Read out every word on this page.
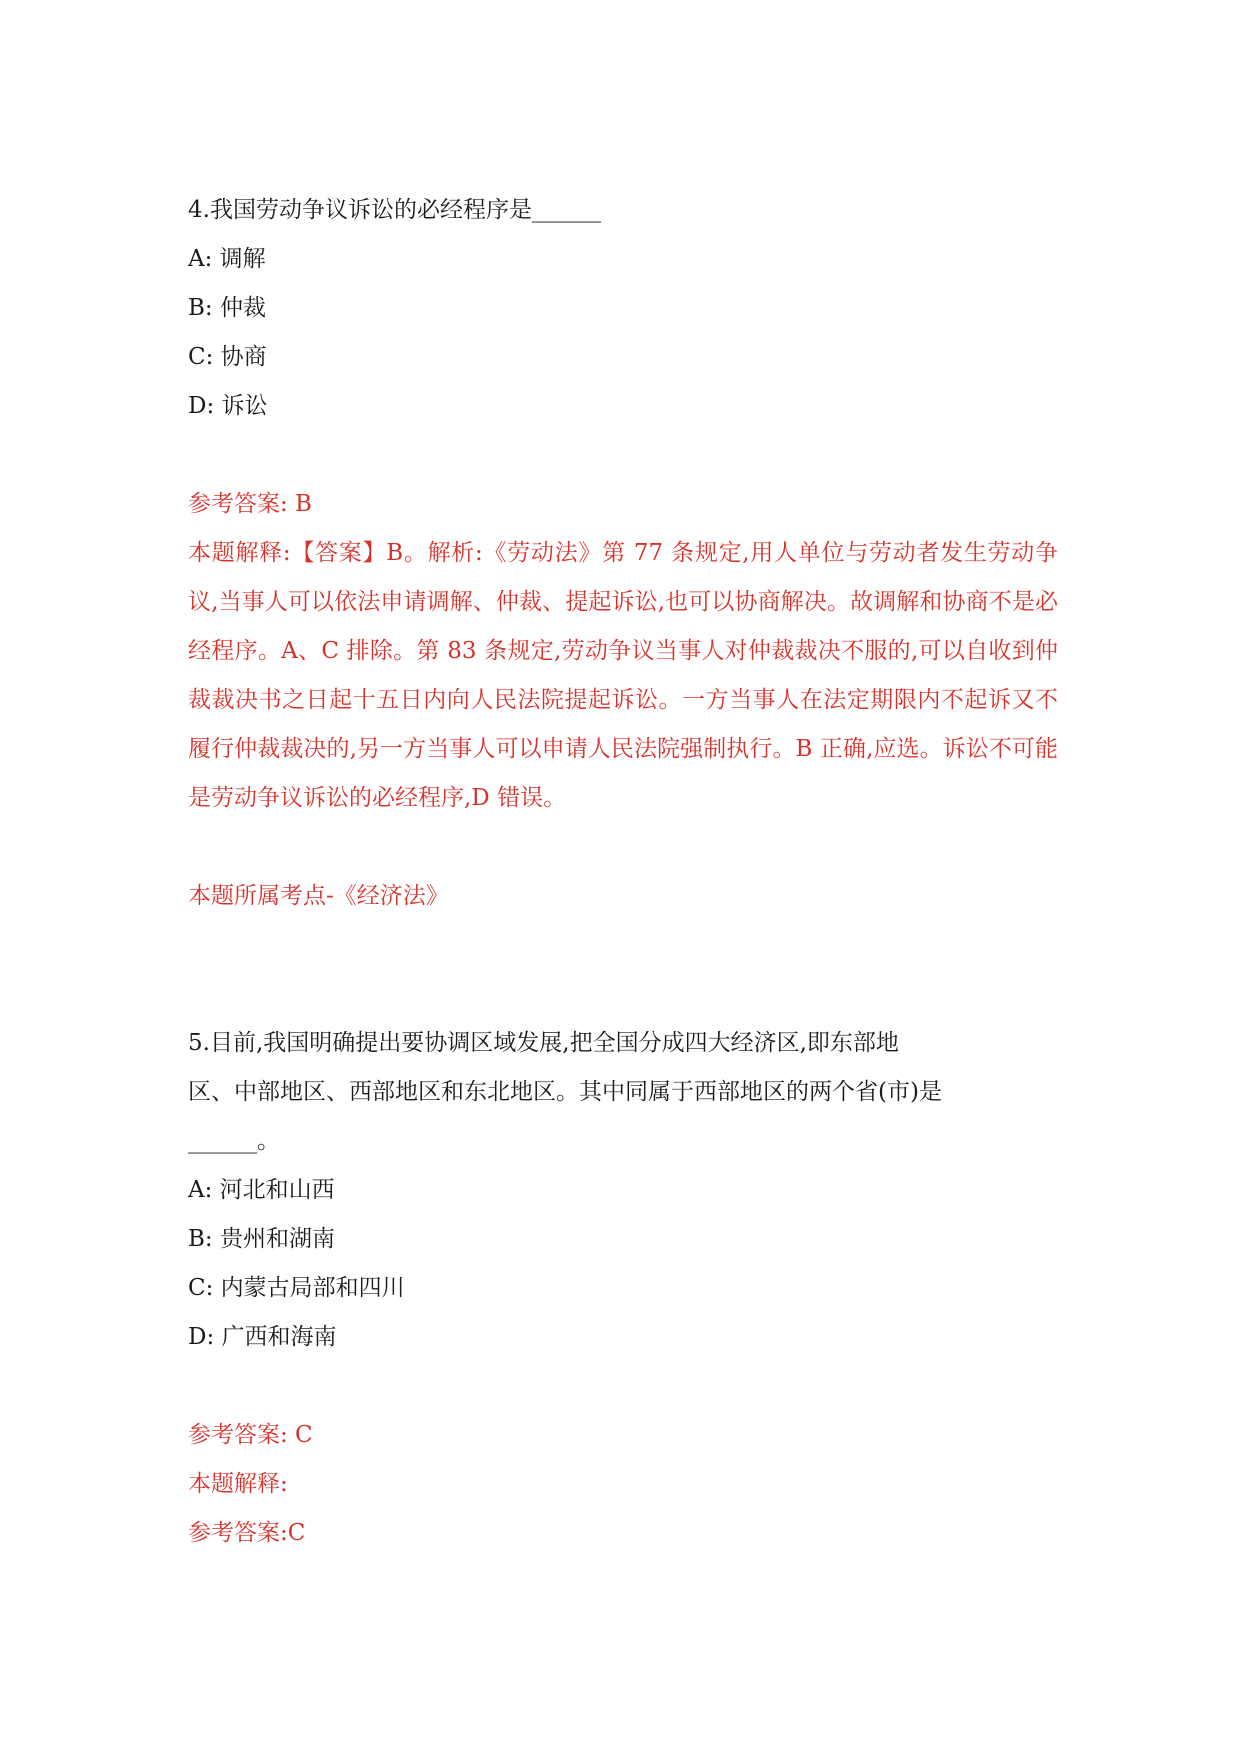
4.我国劳动争议诉讼的必经程序是______
A: 调解
B: 仲裁
C: 协商
D: 诉讼
参考答案: B
本题解释:【答案】B。解析:《劳动法》第 77 条规定,用人单位与劳动者发生劳动争议,当事人可以依法申请调解、仲裁、提起诉讼,也可以协商解决。故调解和协商不是必经程序。A、C 排除。第 83 条规定,劳动争议当事人对仲裁裁决不服的,可以自收到仲裁裁决书之日起十五日内向人民法院提起诉讼。一方当事人在法定期限内不起诉又不履行仲裁裁决的,另一方当事人可以申请人民法院强制执行。B 正确,应选。诉讼不可能是劳动争议诉讼的必经程序,D 错误。
本题所属考点-《经济法》
5.目前,我国明确提出要协调区域发展,把全国分成四大经济区,即东部地
区、中部地区、西部地区和东北地区。其中同属于西部地区的两个省(市)是
______。
A: 河北和山西
B: 贵州和湖南
C: 内蒙古局部和四川
D: 广西和海南
参考答案: C
本题解释:
参考答案:C
